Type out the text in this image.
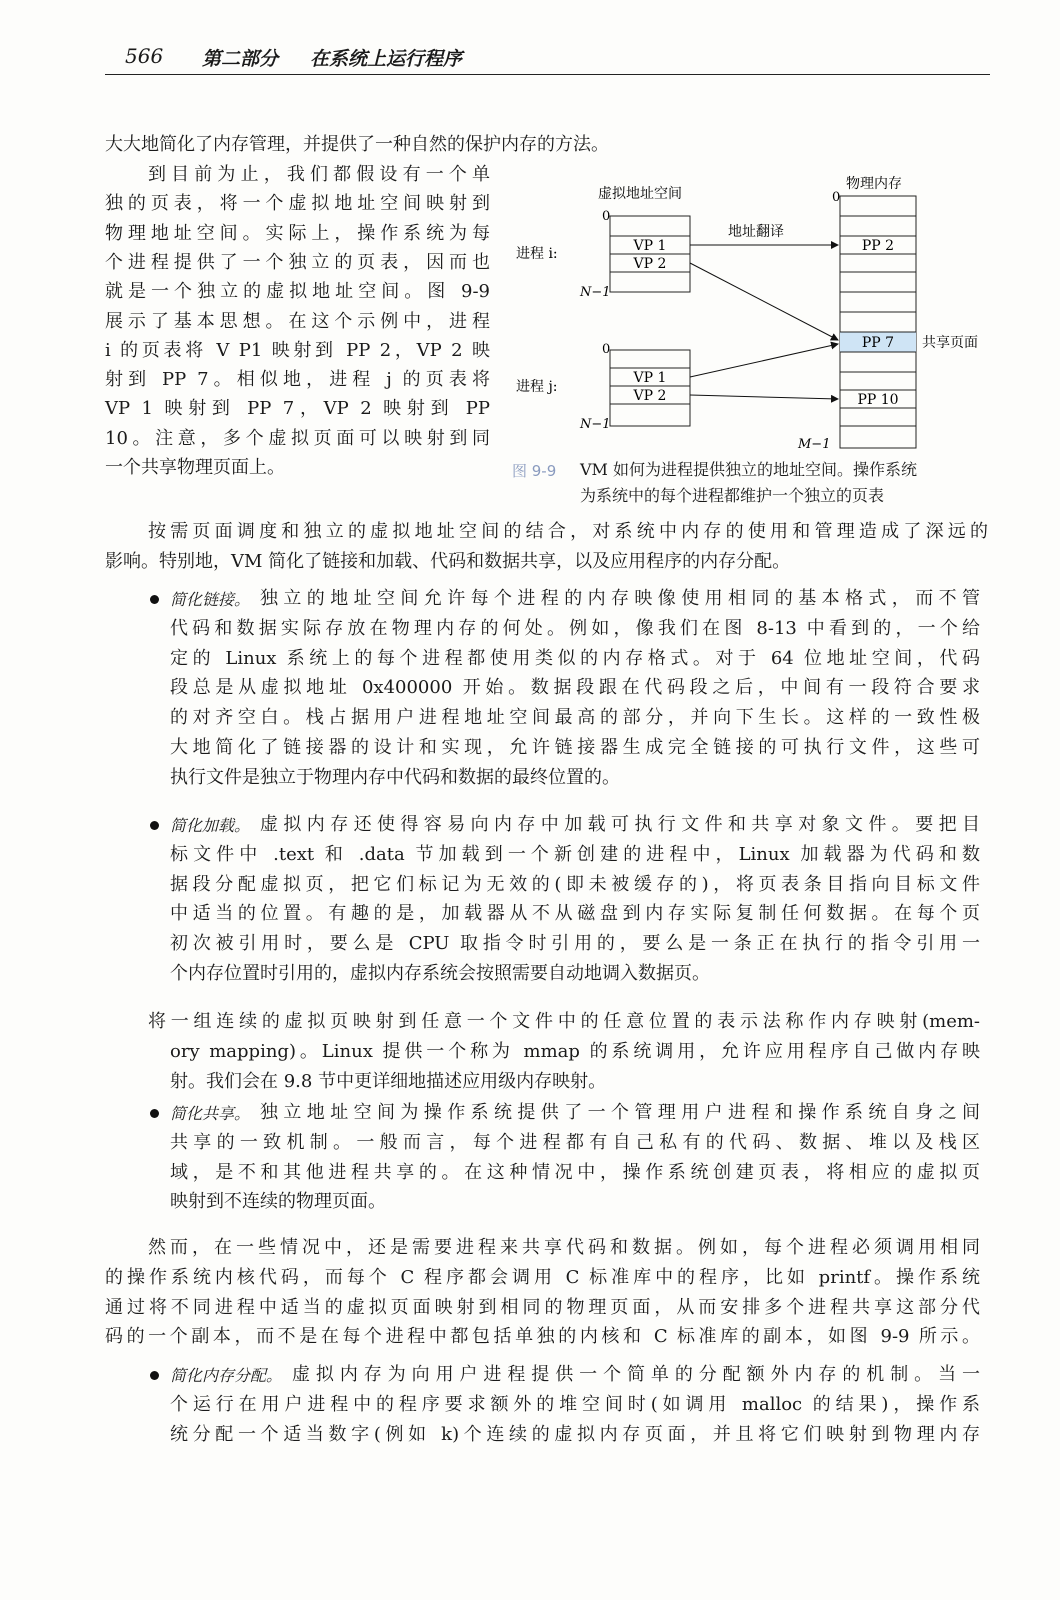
566 第二部分 在系统上运行程序
大大地简化了内存管理，并提供了一种自然的保护内存的方法。
到目前为止，我们都假设有一个单
独的页表，将一个虚拟地址空间映射到
物理地址空间。实际上，操作系统为每
个进程提供了一个独立的页表，因而也
就是一个独立的虚拟地址空间。图 9-9
展示了基本思想。在这个示例中，进程
i 的页表将 V P1 映射到 PP 2，VP 2 映
射到 PP 7。相似地，进程 j 的页表将
VP 1 映射到 PP 7，VP 2 映射到 PP
10。注意，多个虚拟页面可以映射到同
一个共享物理页面上。
按需页面调度和独立的虚拟地址空间的结合，对系统中内存的使用和管理造成了深远的
影响。特别地，VM 简化了链接和加载、代码和数据共享，以及应用程序的内存分配。
简化链接。 独立的地址空间允许每个进程的内存映像使用相同的基本格式，而不管
代码和数据实际存放在物理内存的何处。例如，像我们在图 8-13 中看到的，一个给
定的 Linux 系统上的每个进程都使用类似的内存格式。对于 64 位地址空间，代码
段总是从虚拟地址 0x400000 开始。数据段跟在代码段之后，中间有一段符合要求
的对齐空白。栈占据用户进程地址空间最高的部分，并向下生长。这样的一致性极
大地简化了链接器的设计和实现，允许链接器生成完全链接的可执行文件，这些可
执行文件是独立于物理内存中代码和数据的最终位置的。
简化加载。 虚拟内存还使得容易向内存中加载可执行文件和共享对象文件。要把目
标文件中 .text 和 .data 节加载到一个新创建的进程中，Linux 加载器为代码和数
据段分配虚拟页，把它们标记为无效的(即未被缓存的)，将页表条目指向目标文件
中适当的位置。有趣的是，加载器从不从磁盘到内存实际复制任何数据。在每个页
初次被引用时，要么是 CPU 取指令时引用的，要么是一条正在执行的指令引用一
个内存位置时引用的，虚拟内存系统会按照需要自动地调入数据页。
将一组连续的虚拟页映射到任意一个文件中的任意位置的表示法称作内存映射(mem-
ory mapping)。Linux 提供一个称为 mmap 的系统调用，允许应用程序自己做内存映
射。我们会在 9.8 节中更详细地描述应用级内存映射。
简化共享。 独立地址空间为操作系统提供了一个管理用户进程和操作系统自身之间
共享的一致机制。一般而言，每个进程都有自己私有的代码、数据、堆以及栈区
域，是不和其他进程共享的。在这种情况中，操作系统创建页表，将相应的虚拟页
映射到不连续的物理页面。
然而，在一些情况中，还是需要进程来共享代码和数据。例如，每个进程必须调用相同
的操作系统内核代码，而每个 C 程序都会调用 C 标准库中的程序，比如 printf。操作系统
通过将不同进程中适当的虚拟页面映射到相同的物理页面，从而安排多个进程共享这部分代
码的一个副本，而不是在每个进程中都包括单独的内核和 C 标准库的副本，如图 9-9 所示。
简化内存分配。 虚拟内存为向用户进程提供一个简单的分配额外内存的机制。当一
个运行在用户进程中的程序要求额外的堆空间时(如调用 malloc 的结果)，操作系
统分配一个适当数字(例如 k)个连续的虚拟内存页面，并且将它们映射到物理内存
虚拟地址空间
物理内存
0
进程 i:	VP 1
VP 2
N−1
0
进程 j:
VP 1
VP 2
N−1
0
PP 2
PP 7
PP 10
共享页面
M−1
地址翻译
图 9-9 VM 如何为进程提供独立的地址空间。操作系统
为系统中的每个进程都维护一个独立的页表
